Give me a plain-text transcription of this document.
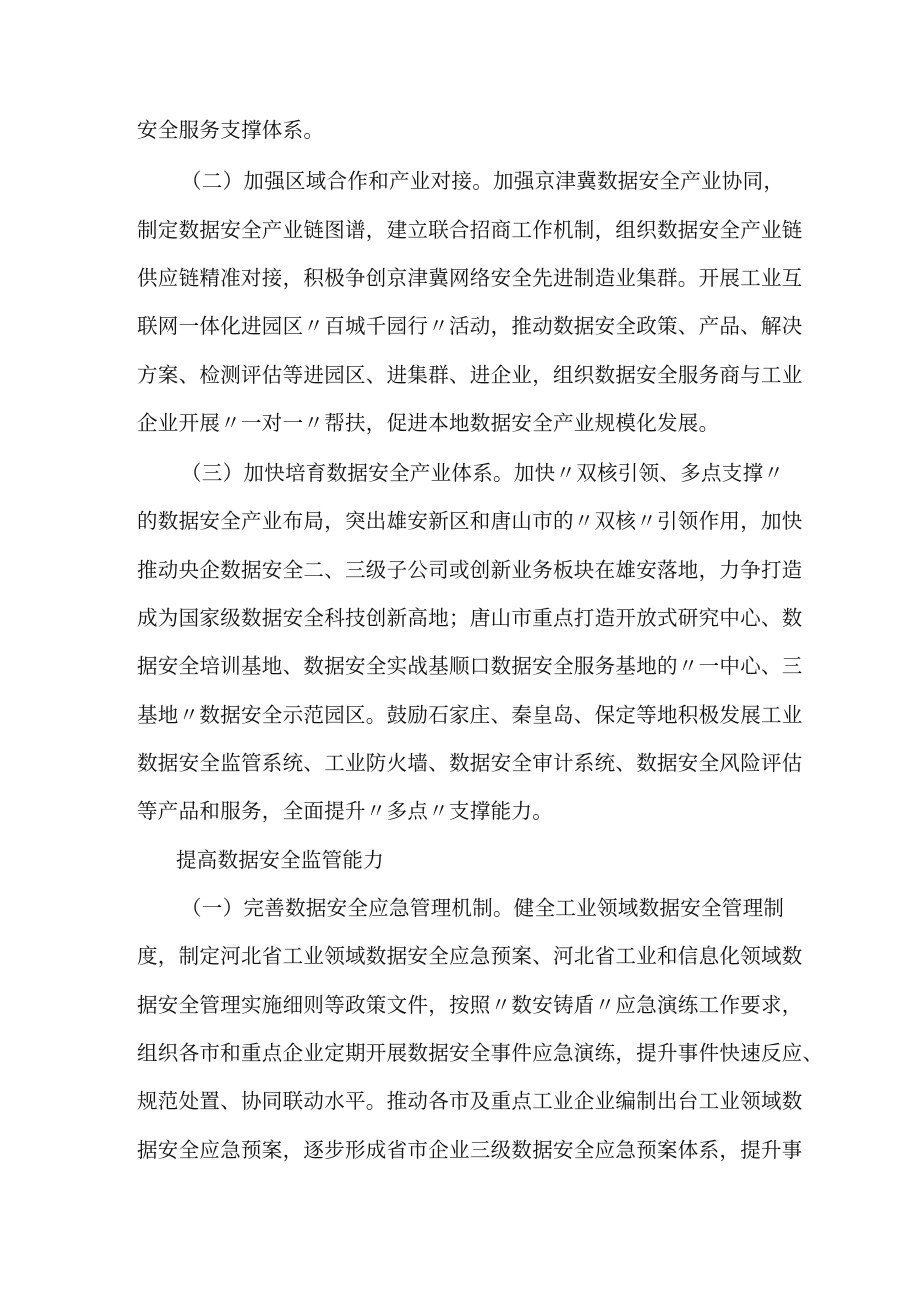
安全服务支撑体系。
（二）加强区域合作和产业对接。加强京津冀数据安全产业协同，
制定数据安全产业链图谱，建立联合招商工作机制，组织数据安全产业链
供应链精准对接，积极争创京津冀网络安全先进制造业集群。开展工业互
联网一体化进园区〃百城千园行〃活动，推动数据安全政策、产品、解决
方案、检测评估等进园区、进集群、进企业，组织数据安全服务商与工业
企业开展〃一对一〃帮扶，促进本地数据安全产业规模化发展。
（三）加快培育数据安全产业体系。加快〃双核引领、多点支撑〃
的数据安全产业布局，突出雄安新区和唐山市的〃双核〃引领作用，加快
推动央企数据安全二、三级子公司或创新业务板块在雄安落地，力争打造
成为国家级数据安全科技创新高地；唐山市重点打造开放式研究中心、数
据安全培训基地、数据安全实战基顺口数据安全服务基地的〃一中心、三
基地〃数据安全示范园区。鼓励石家庄、秦皇岛、保定等地积极发展工业
数据安全监管系统、工业防火墙、数据安全审计系统、数据安全风险评估
等产品和服务，全面提升〃多点〃支撑能力。
提高数据安全监管能力
（一）完善数据安全应急管理机制。健全工业领域数据安全管理制
度，制定河北省工业领域数据安全应急预案、河北省工业和信息化领域数
据安全管理实施细则等政策文件，按照〃数安铸盾〃应急演练工作要求，
组织各市和重点企业定期开展数据安全事件应急演练，提升事件快速反应、
规范处置、协同联动水平。推动各市及重点工业企业编制出台工业领域数
据安全应急预案，逐步形成省市企业三级数据安全应急预案体系，提升事
